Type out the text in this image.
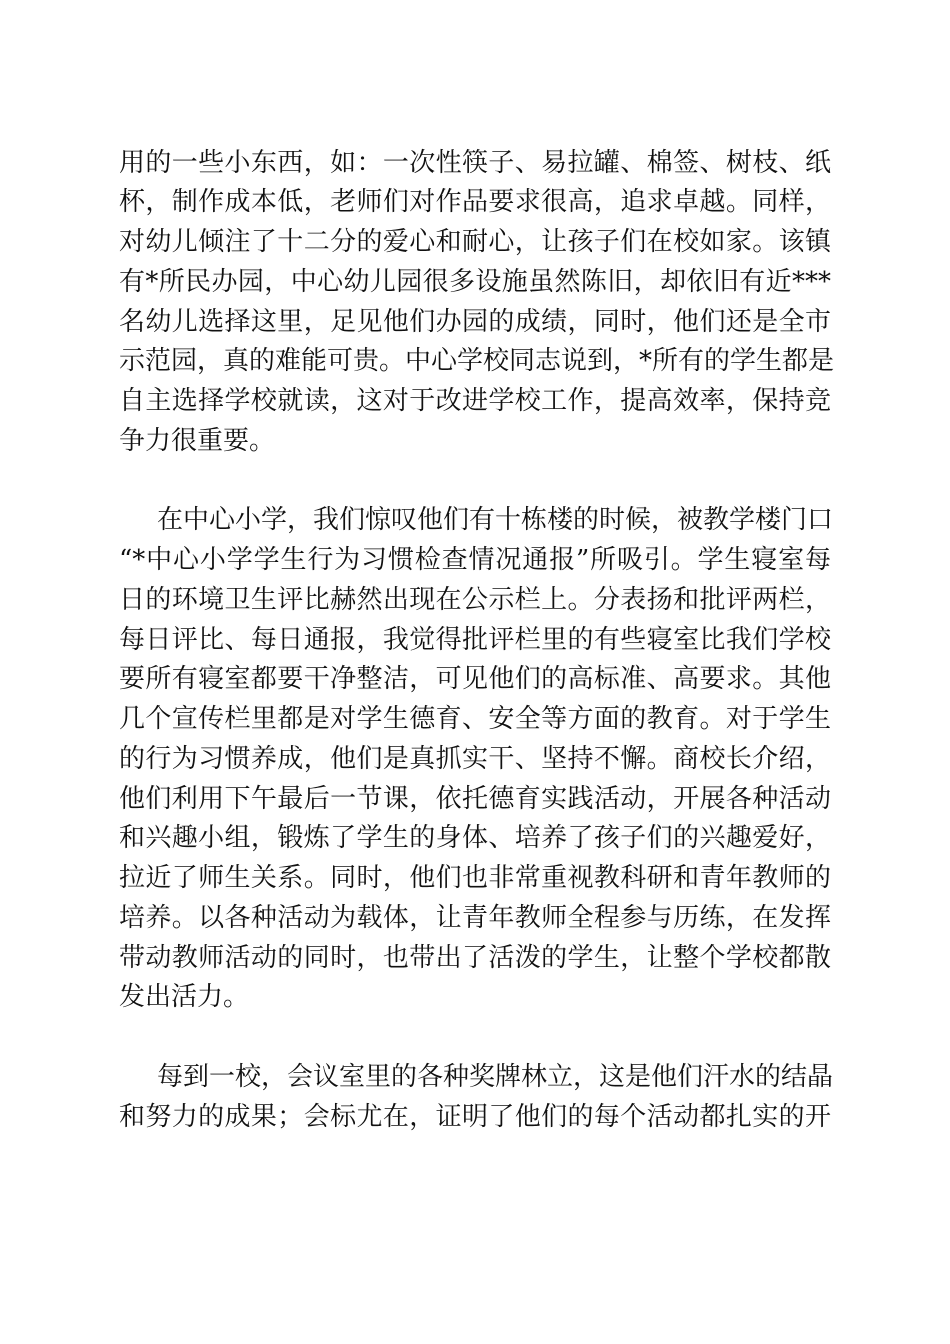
用的一些小东西，如：一次性筷子、易拉罐、棉签、树枝、纸
杯，制作成本低，老师们对作品要求很高，追求卓越。同样，
对幼儿倾注了十二分的爱心和耐心，让孩子们在校如家。该镇
有*所民办园，中心幼儿园很多设施虽然陈旧，却依旧有近***
名幼儿选择这里，足见他们办园的成绩，同时，他们还是全市
示范园，真的难能可贵。中心学校同志说到，*所有的学生都是
自主选择学校就读，这对于改进学校工作，提高效率，保持竞
争力很重要。
在中心小学，我们惊叹他们有十栋楼的时候，被教学楼门口
“*中心小学学生行为习惯检查情况通报”所吸引。学生寝室每
日的环境卫生评比赫然出现在公示栏上。分表扬和批评两栏，
每日评比、每日通报，我觉得批评栏里的有些寝室比我们学校
要所有寝室都要干净整洁，可见他们的高标准、高要求。其他
几个宣传栏里都是对学生德育、安全等方面的教育。对于学生
的行为习惯养成，他们是真抓实干、坚持不懈。商校长介绍，
他们利用下午最后一节课，依托德育实践活动，开展各种活动
和兴趣小组，锻炼了学生的身体、培养了孩子们的兴趣爱好，
拉近了师生关系。同时，他们也非常重视教科研和青年教师的
培养。以各种活动为载体，让青年教师全程参与历练，在发挥
带动教师活动的同时，也带出了活泼的学生，让整个学校都散
发出活力。
每到一校，会议室里的各种奖牌林立，这是他们汗水的结晶
和努力的成果；会标尤在，证明了他们的每个活动都扎实的开
